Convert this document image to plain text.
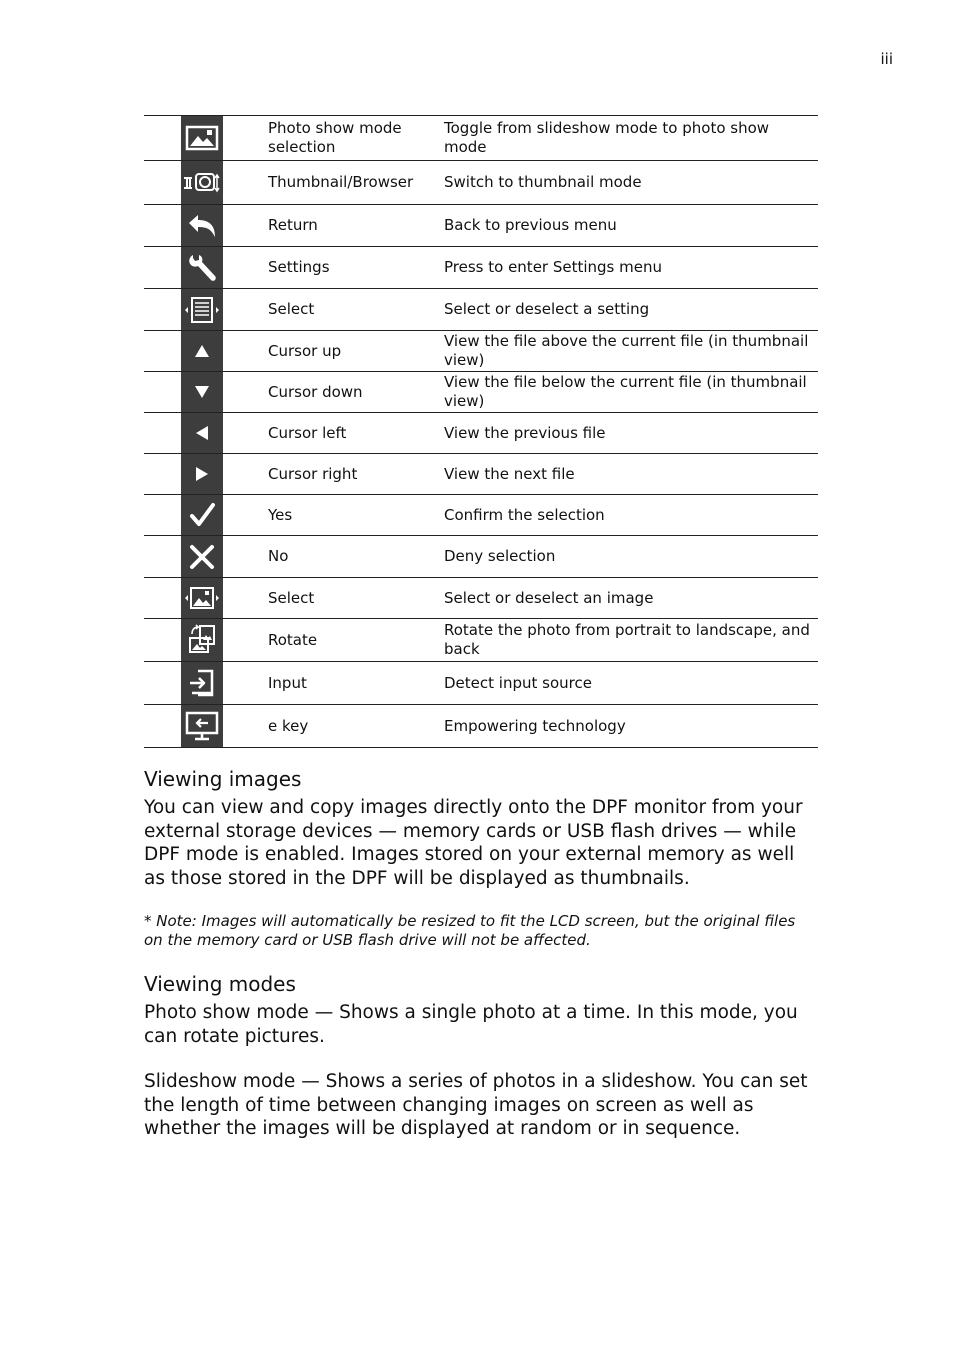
iii

	Photo show mode selection	Toggle from slideshow mode to photo show mode

	Thumbnail/Browser	Switch to thumbnail mode

	Return	Back to previous menu

	Settings	Press to enter Settings menu

	Select	Select or deselect a setting

	Cursor up	View the file above the current file (in thumbnail view)

	Cursor down	View the file below the current file (in thumbnail view)

	Cursor left	View the previous file

	Cursor right	View the next file

	Yes	Confirm the selection

	No	Deny selection

	Select	Select or deselect an image

	Rotate	Rotate the photo from portrait to landscape, and back

	Input	Detect input source

	e key	Empowering technology
Viewing images

You can view and copy images directly onto the DPF monitor from your external storage devices — memory cards or USB flash drives — while DPF mode is enabled. Images stored on your external memory as well as those stored in the DPF will be displayed as thumbnails.

* Note: Images will automatically be resized to fit the LCD screen, but the original files on the memory card or USB flash drive will not be affected.

Viewing modes

Photo show mode — Shows a single photo at a time. In this mode, you can rotate pictures.

Slideshow mode — Shows a series of photos in a slideshow. You can set the length of time between changing images on screen as well as whether the images will be displayed at random or in sequence.
